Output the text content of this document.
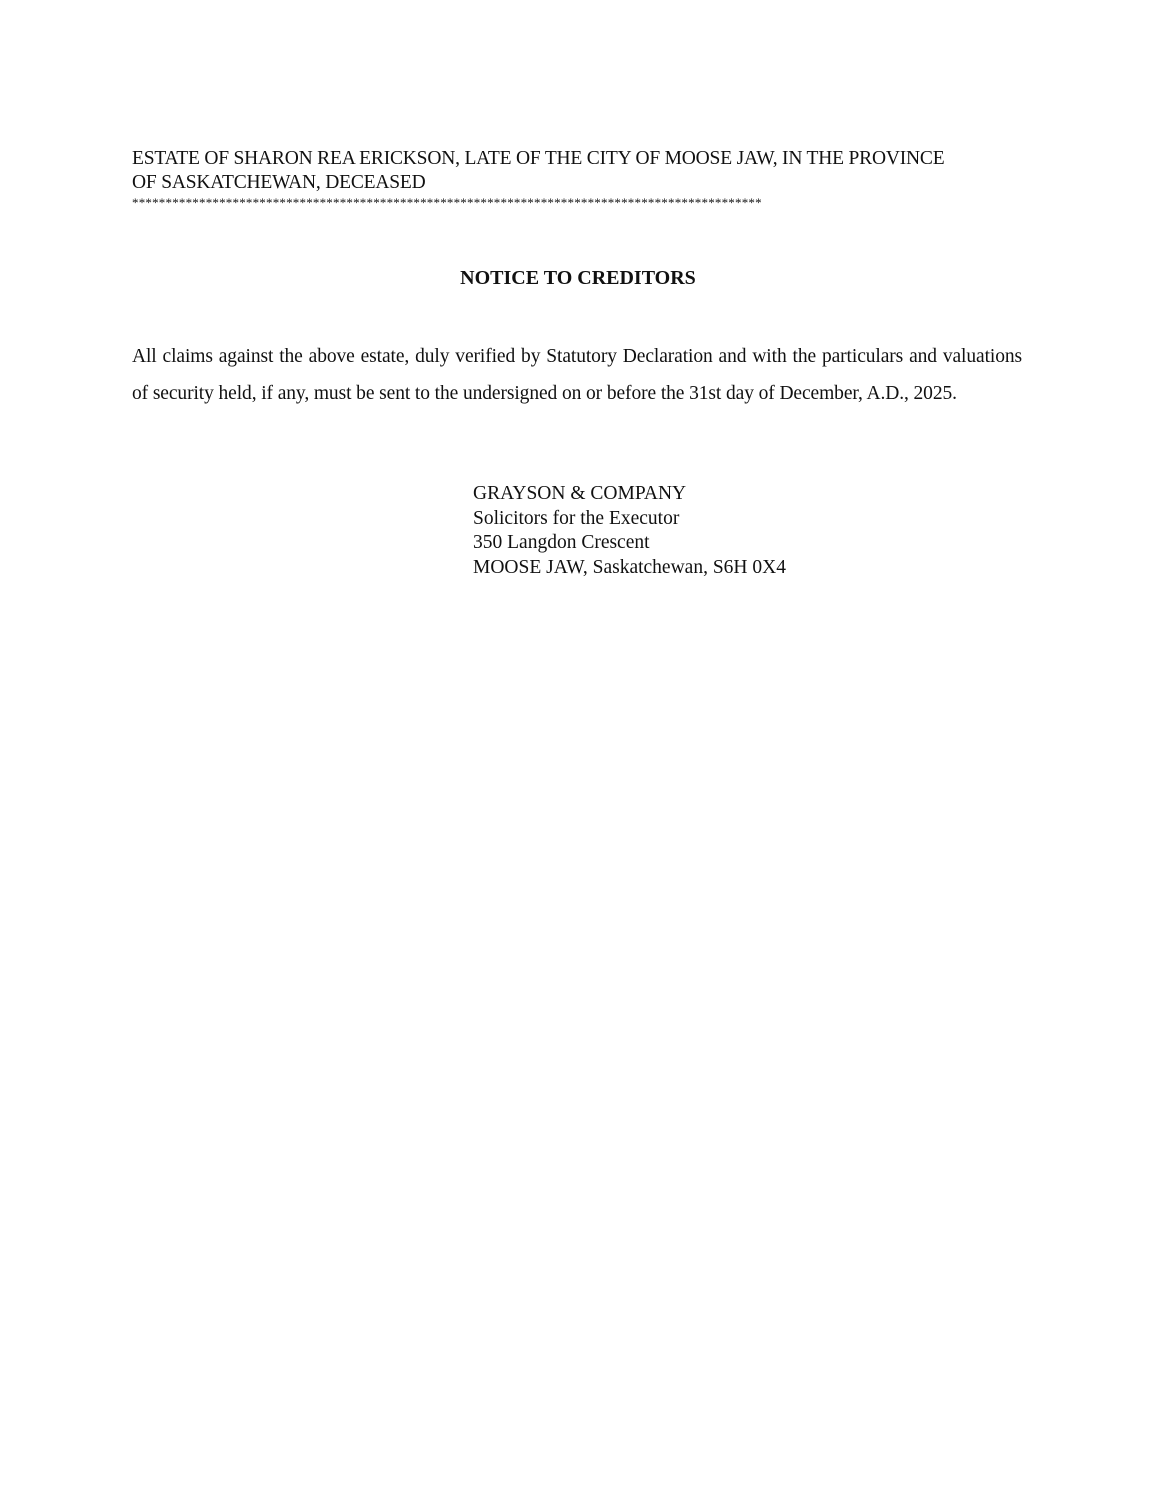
ESTATE OF SHARON REA ERICKSON, LATE OF THE CITY OF MOOSE JAW, IN THE PROVINCE
OF SASKATCHEWAN, DECEASED
**********************************************************************************************
NOTICE TO CREDITORS

All claims against the above estate, duly verified by Statutory Declaration and with the particulars and valuations of security held, if any, must be sent to the undersigned on or before the 31st day of December, A.D., 2025.

GRAYSON & COMPANY
Solicitors for the Executor
350 Langdon Crescent
MOOSE JAW, Saskatchewan, S6H 0X4
